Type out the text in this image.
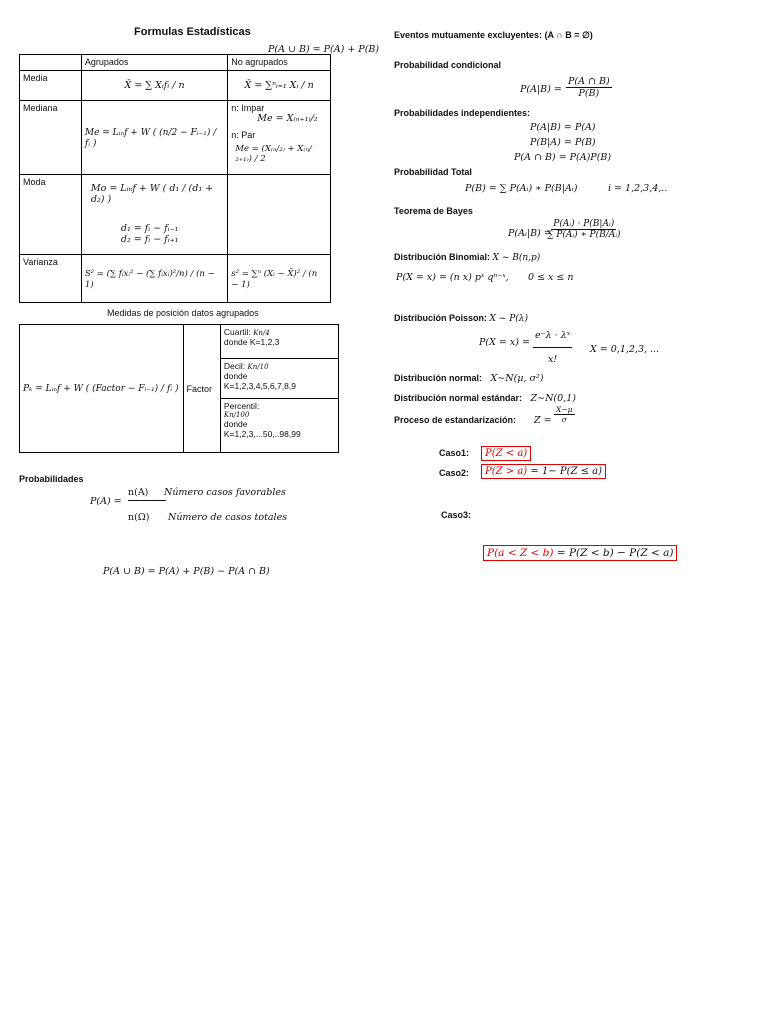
Formulas Estadísticas
P(A ∪ B) = P(A) + P(B)
	Agrupados	No agrupados
Media	X̄ = ∑ Xᵢfᵢ / n	X̄ = ∑ⁿᵢ₌₁ Xᵢ / n
Mediana	Me = Lᵢₙf + W ( (n/2 − Fᵢ₋₁) / fᵢ )	n: Impar
Me = X₍ₙ₊₁₎/₂
n: Par
Me = (X₍ₙ/₂₎ + X₍ₙ/₂₊₁₎) / 2

Moda	Mo = Lᵢₙf + W ( d₁ / (d₁ + d₂) )
d₁ = fᵢ − fᵢ₋₁
d₂ = fᵢ − fᵢ₊₁	

Varianza	S² = (∑ fᵢxᵢ² − (∑ fᵢxᵢ)²/n) / (n − 1)	s² = ∑ⁿ (Xᵢ − X̄)² / (n − 1)
Medidas de posición datos agrupados
Pₖ = Lᵢₙf + W ( (Factor − Fᵢ₋₁) / fᵢ )	Factor	
Cuartil: Kn/4
donde K=1,2,3

Decil: Kn/10
donde
K=1,2,3,4,5,6,7,8,9

Percentil:
Kn/100
donde
K=1,2,3,...50,..98,99
Probabilidades
P(A) =
n(A)
n(Ω)
Número casos favorables
Número de casos totales
P(A ∪ B) = P(A) + P(B) − P(A ∩ B)
Eventos mutuamente excluyentes: (A ∩ B = ∅)
Probabilidad condicional
$P(A|B) = \frac{P(A \cap B)}{P(B)}$
Probabilidades independientes:
P(A|B) = P(A)
P(B|A) = P(B)
P(A ∩ B) = P(A)P(B)
Probabilidad Total
P(B) = ∑ P(Aᵢ) ∗ P(B|Aᵢ)	i = 1,2,3,4,..
Teorema de Bayes
P(Aᵢ|B) =
$\frac{\text{P(Aᵢ) · P(B|Aᵢ)}}{\text{∑ P(Aᵢ) ∗ P(B/Aᵢ)}}$
Distribución Binomial: X ~ B(n,p)
P(X = x) = (n x) pˣ qⁿ⁻ˣ, 0 ≤ x ≤ n
Distribución Poisson: X ~ P(λ)
$P(X = x) = \frac{\text{e⁻λ · λˣ}}{x!}$ X = 0,1,2,3, ...
Distribución normal: X∼N(μ, σ²)
Distribución normal estándar: Z∼N(0,1)
Proceso de estandarización: $Z = \frac{X-\mu}{\sigma}$
Caso1:	P(Z < a)
Caso2:	P(Z > a) = 1− P(Z ≤ a)
Caso3:
P(a < Z < b) = P(Z < b) − P(Z < a)
